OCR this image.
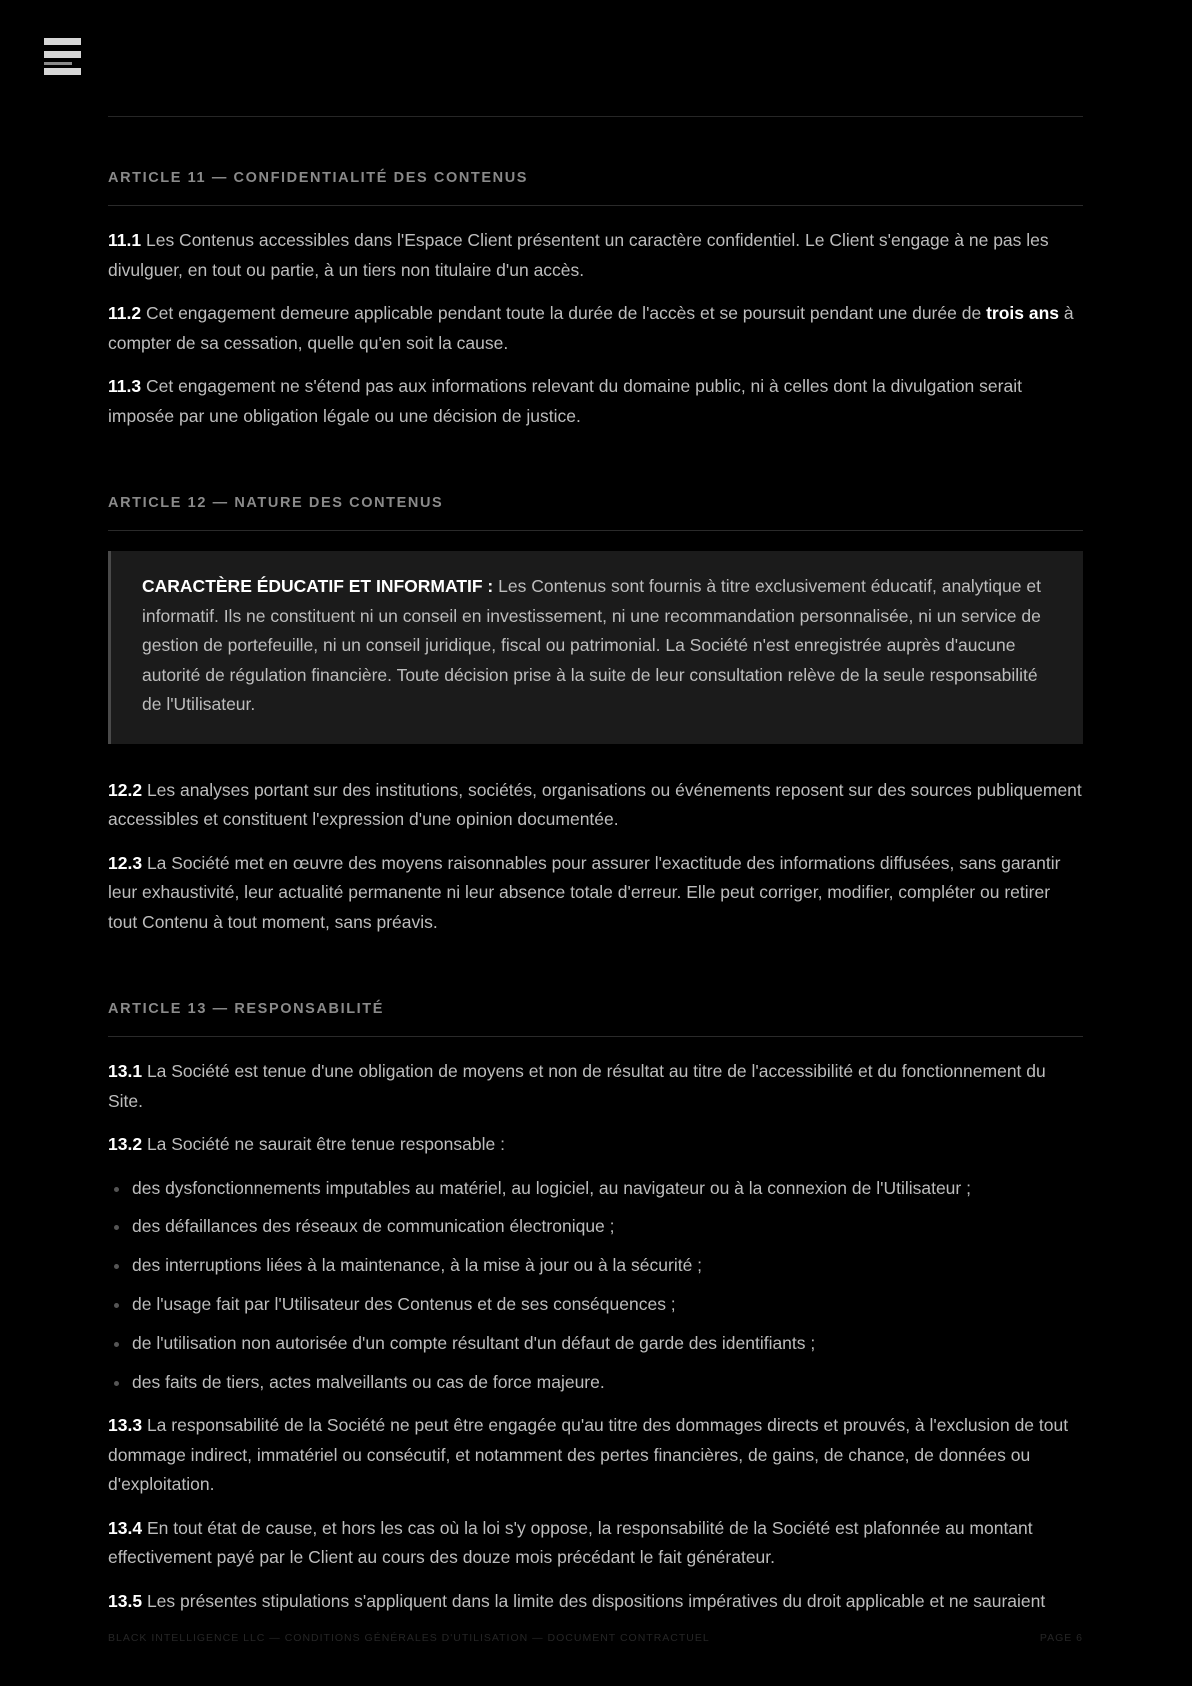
ARTICLE 11 — CONFIDENTIALITÉ DES CONTENUS

11.1 Les Contenus accessibles dans l'Espace Client présentent un caractère confidentiel. Le Client s'engage à ne pas les divulguer, en tout ou partie, à un tiers non titulaire d'un accès.

11.2 Cet engagement demeure applicable pendant toute la durée de l'accès et se poursuit pendant une durée de trois ans à compter de sa cessation, quelle qu'en soit la cause.

11.3 Cet engagement ne s'étend pas aux informations relevant du domaine public, ni à celles dont la divulgation serait imposée par une obligation légale ou une décision de justice.

ARTICLE 12 — NATURE DES CONTENUS
CARACTÈRE ÉDUCATIF ET INFORMATIF : Les Contenus sont fournis à titre exclusivement éducatif, analytique et informatif. Ils ne constituent ni un conseil en investissement, ni une recommandation personnalisée, ni un service de gestion de portefeuille, ni un conseil juridique, fiscal ou patrimonial. La Société n'est enregistrée auprès d'aucune autorité de régulation financière. Toute décision prise à la suite de leur consultation relève de la seule responsabilité de l'Utilisateur.

12.2 Les analyses portant sur des institutions, sociétés, organisations ou événements reposent sur des sources publiquement accessibles et constituent l'expression d'une opinion documentée.

12.3 La Société met en œuvre des moyens raisonnables pour assurer l'exactitude des informations diffusées, sans garantir leur exhaustivité, leur actualité permanente ni leur absence totale d'erreur. Elle peut corriger, modifier, compléter ou retirer tout Contenu à tout moment, sans préavis.

ARTICLE 13 — RESPONSABILITÉ

13.1 La Société est tenue d'une obligation de moyens et non de résultat au titre de l'accessibilité et du fonctionnement du Site.

13.2 La Société ne saurait être tenue responsable :

des dysfonctionnements imputables au matériel, au logiciel, au navigateur ou à la connexion de l'Utilisateur ;
des défaillances des réseaux de communication électronique ;
des interruptions liées à la maintenance, à la mise à jour ou à la sécurité ;
de l'usage fait par l'Utilisateur des Contenus et de ses conséquences ;
de l'utilisation non autorisée d'un compte résultant d'un défaut de garde des identifiants ;
des faits de tiers, actes malveillants ou cas de force majeure.

13.3 La responsabilité de la Société ne peut être engagée qu'au titre des dommages directs et prouvés, à l'exclusion de tout dommage indirect, immatériel ou consécutif, et notamment des pertes financières, de gains, de chance, de données ou d'exploitation.

13.4 En tout état de cause, et hors les cas où la loi s'y oppose, la responsabilité de la Société est plafonnée au montant effectivement payé par le Client au cours des douze mois précédant le fait générateur.

13.5 Les présentes stipulations s'appliquent dans la limite des dispositions impératives du droit applicable et ne sauraient

BLACK INTELLIGENCE LLC — CONDITIONS GÉNÉRALES D'UTILISATION — DOCUMENT CONTRACTUEL	PAGE 6
